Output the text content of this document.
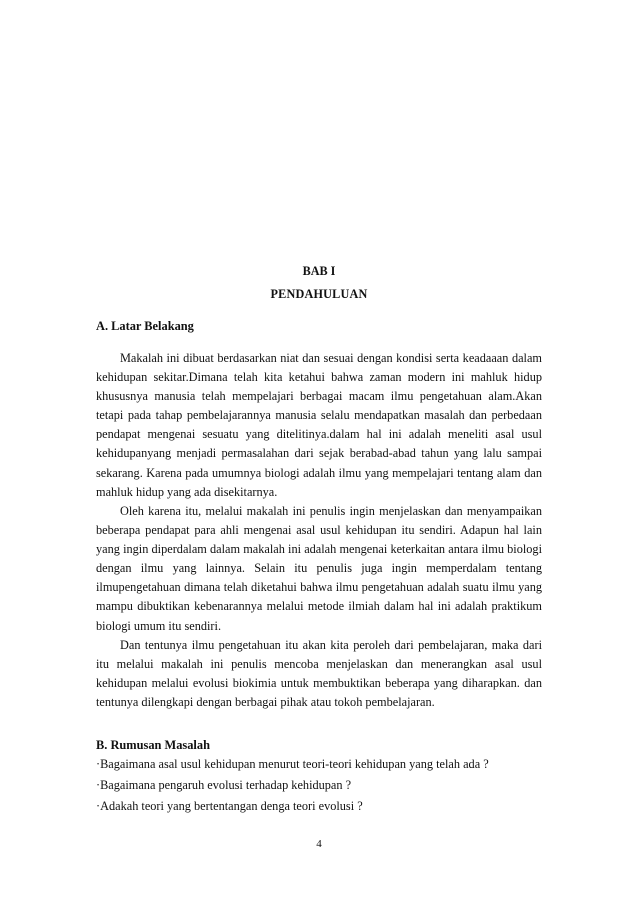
BAB I

PENDAHULUAN

A. Latar Belakang

Makalah ini dibuat berdasarkan niat dan sesuai dengan kondisi serta keadaaan dalam kehidupan sekitar.Dimana telah kita ketahui bahwa zaman modern ini mahluk hidup khususnya manusia telah mempelajari berbagai macam ilmu pengetahuan alam.Akan tetapi pada tahap pembelajarannya manusia selalu mendapatkan masalah dan perbedaan pendapat mengenai sesuatu yang ditelitinya.dalam hal ini adalah meneliti asal usul kehidupanyang menjadi permasalahan dari sejak berabad-abad tahun yang lalu sampai sekarang. Karena pada umumnya biologi adalah ilmu yang mempelajari tentang alam dan mahluk hidup yang ada disekitarnya.

Oleh karena itu, melalui makalah ini penulis ingin menjelaskan dan menyampaikan beberapa pendapat para ahli mengenai asal usul kehidupan itu sendiri. Adapun hal lain yang ingin diperdalam dalam makalah ini adalah mengenai keterkaitan antara ilmu biologi dengan ilmu yang lainnya. Selain itu penulis juga ingin memperdalam tentang ilmupengetahuan dimana telah diketahui bahwa ilmu pengetahuan adalah suatu ilmu yang mampu dibuktikan kebenarannya melalui metode ilmiah dalam hal ini adalah praktikum biologi umum itu sendiri.

Dan tentunya ilmu pengetahuan itu akan kita peroleh dari pembelajaran, maka dari itu melalui makalah ini penulis mencoba menjelaskan dan menerangkan asal usul kehidupan melalui evolusi biokimia untuk membuktikan beberapa yang diharapkan. dan tentunya dilengkapi dengan berbagai pihak atau tokoh pembelajaran.

B. Rumusan Masalah

·Bagaimana asal usul kehidupan menurut teori-teori kehidupan yang telah ada ?
·Bagaimana pengaruh evolusi terhadap kehidupan ?
·Adakah teori yang bertentangan denga teori evolusi ?
4
